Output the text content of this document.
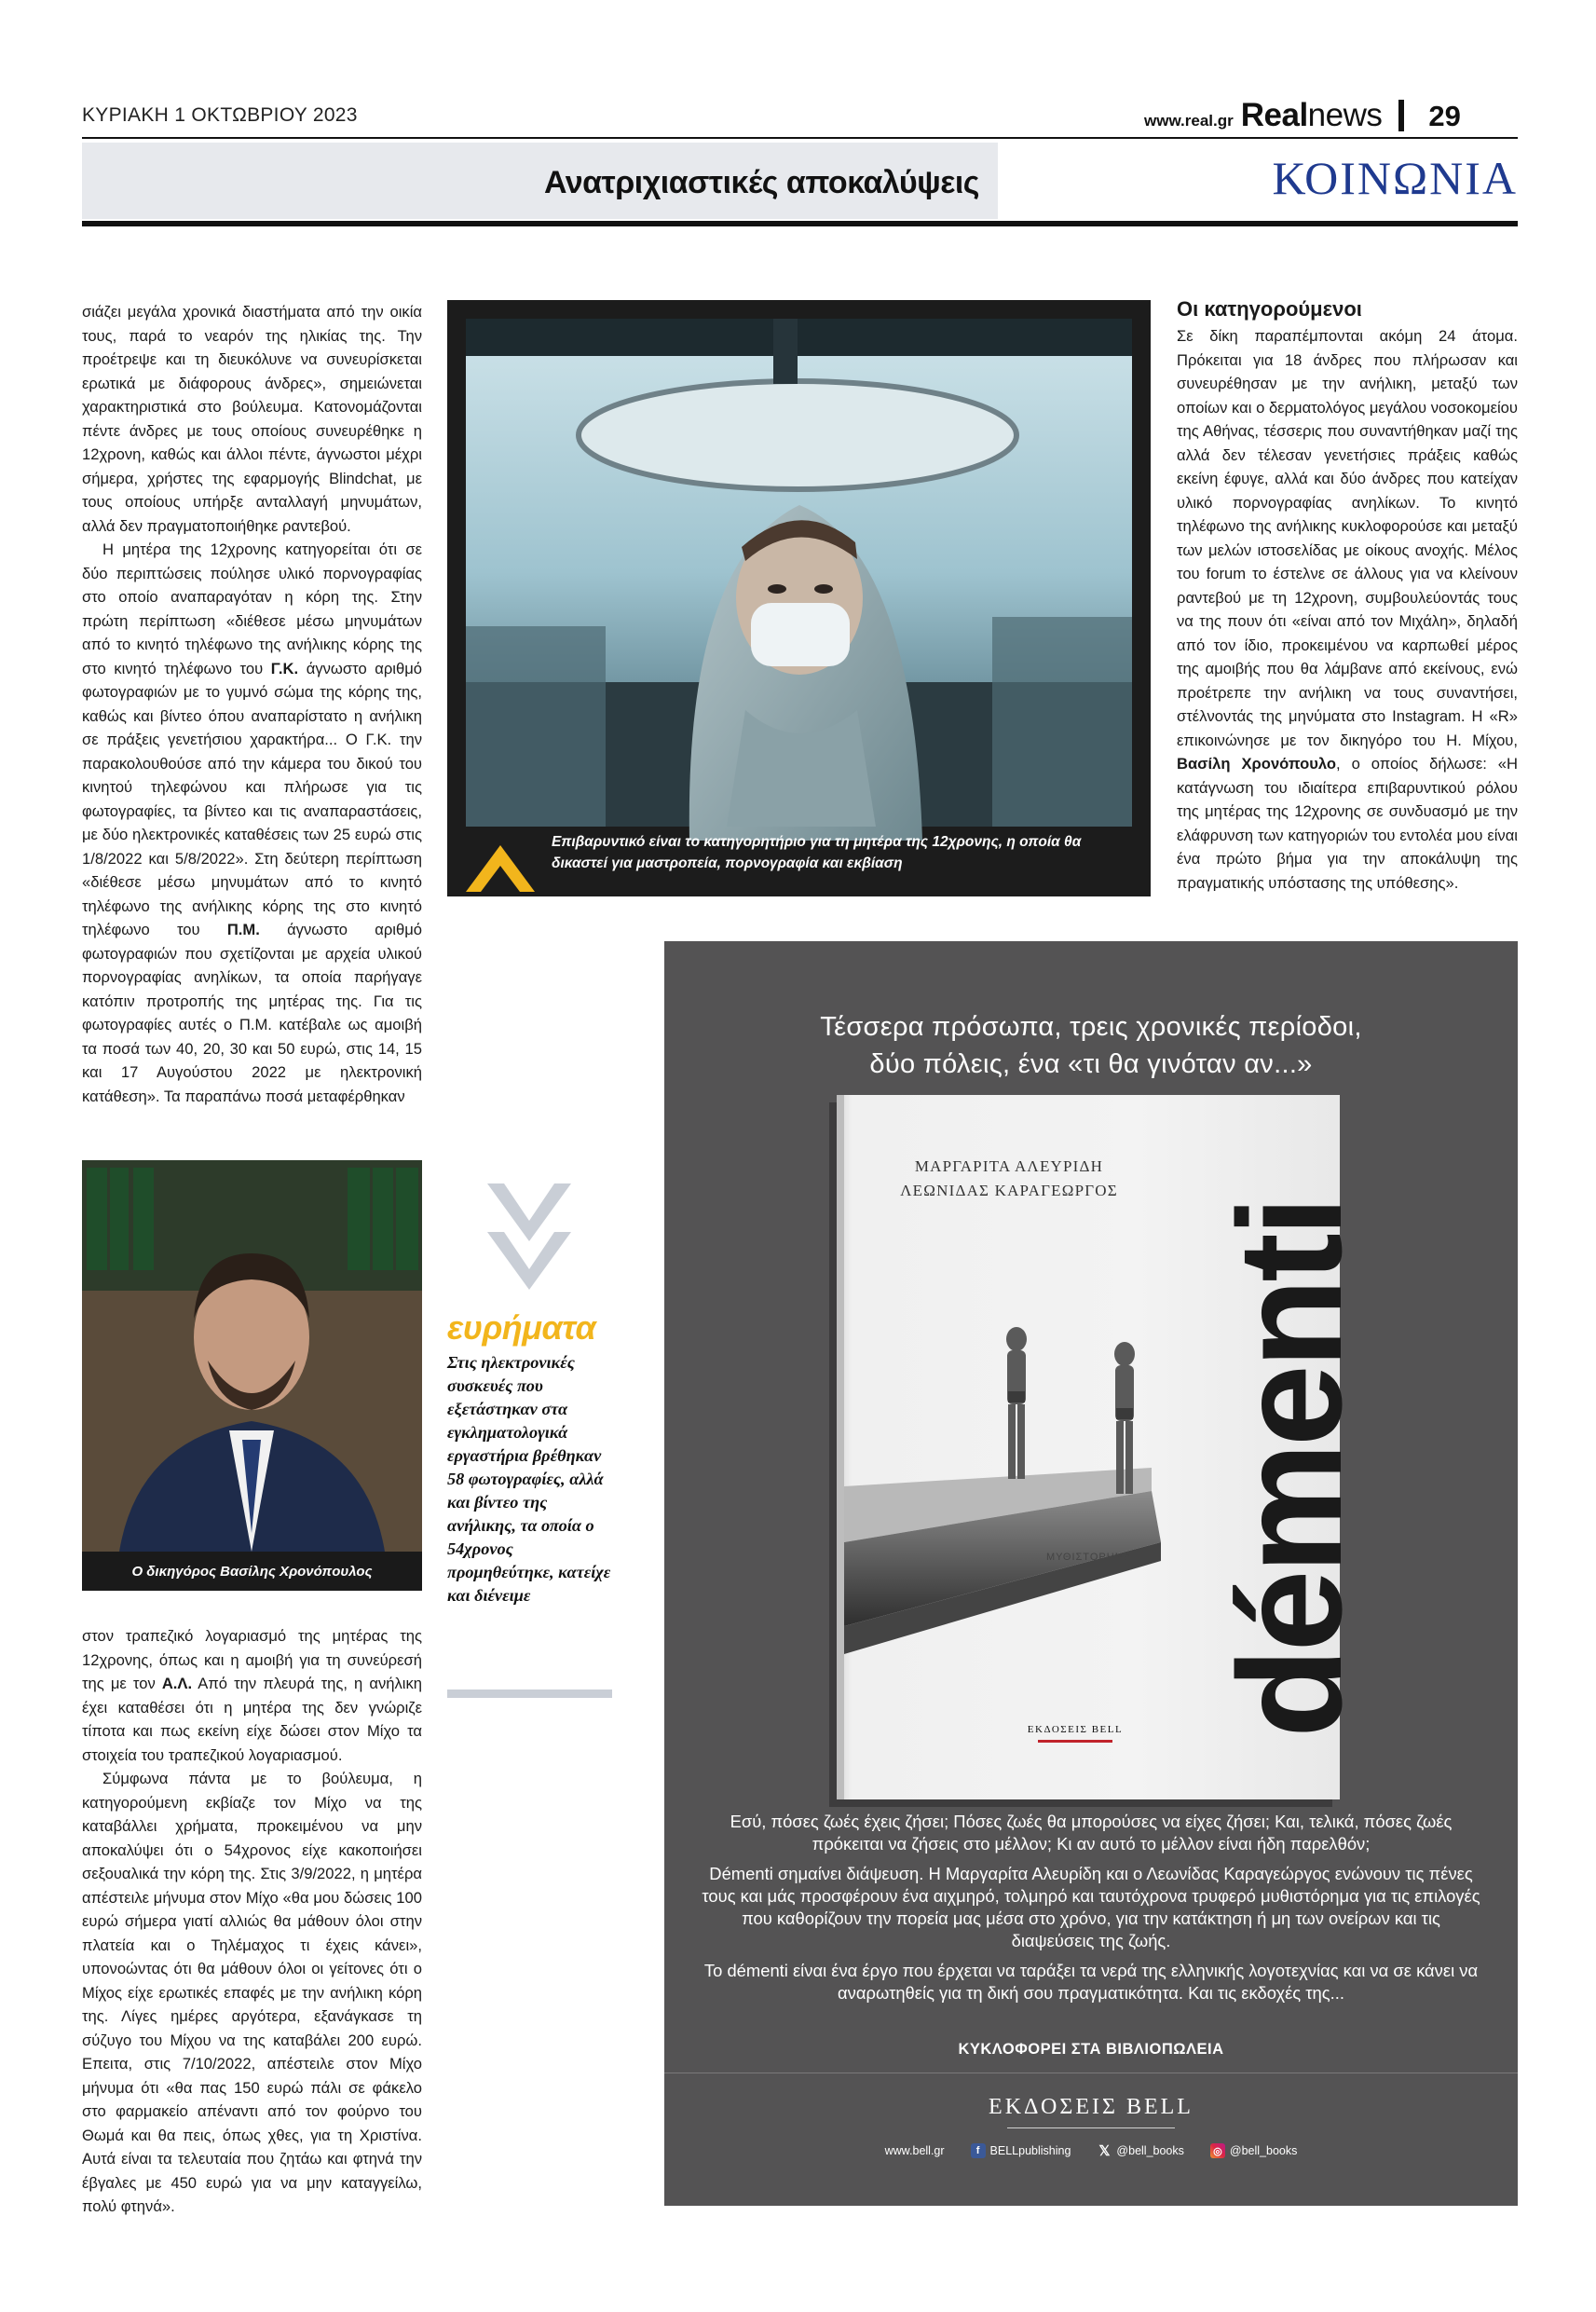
ΚΥΡΙΑΚΗ 1 ΟΚΤΩΒΡΙΟΥ 2023	www.real.gr Realnews 29
Ανατριχιαστικές αποκαλύψεις	ΚΟΙΝΩΝΙΑ

σιάζει μεγάλα χρονικά διαστήματα από την οικία τους, παρά το νεαρόν της ηλικίας της. Την προέτρεψε και τη διευκόλυνε να συνευρίσκεται ερωτικά με διάφορους άνδρες», σημειώνεται χαρακτηριστικά στο βούλευμα. Κατονομάζονται πέντε άνδρες με τους οποίους συνευρέθηκε η 12χρονη, καθώς και άλλοι πέντε, άγνωστοι μέχρι σήμερα, χρήστες της εφαρμογής Blindchat, με τους οποίους υπήρξε ανταλλαγή μηνυμάτων, αλλά δεν πραγματοποιήθηκε ραντεβού.

Η μητέρα της 12χρονης κατηγορείται ότι σε δύο περιπτώσεις πούλησε υλικό πορνογραφίας στο οποίο αναπαραγόταν η κόρη της. Στην πρώτη περίπτωση «διέθεσε μέσω μηνυμάτων από το κινητό τηλέφωνο της ανήλικης κόρης της στο κινητό τηλέφωνο του Γ.Κ. άγνωστο αριθμό φωτογραφιών με το γυμνό σώμα της κόρης της, καθώς και βίντεο όπου αναπαρίστατο η ανήλικη σε πράξεις γενετήσιου χαρακτήρα... Ο Γ.Κ. την παρακολουθούσε από την κάμερα του δικού του κινητού τηλεφώνου και πλήρωσε για τις φωτογραφίες, τα βίντεο και τις αναπαραστάσεις, με δύο ηλεκτρονικές καταθέσεις των 25 ευρώ στις 1/8/2022 και 5/8/2022». Στη δεύτερη περίπτωση «διέθεσε μέσω μηνυμάτων από το κινητό τηλέφωνο της ανήλικης κόρης της στο κινητό τηλέφωνο του Π.Μ. άγνωστο αριθμό φωτογραφιών που σχετίζονται με αρχεία υλικού πορνογραφίας ανηλίκων, τα οποία παρήγαγε κατόπιν προτροπής της μητέρας της. Για τις φωτογραφίες αυτές ο Π.Μ. κατέβαλε ως αμοιβή τα ποσά των 40, 20, 30 και 50 ευρώ, στις 14, 15 και 17 Αυγούστου 2022 με ηλεκτρονική κατάθεση». Τα παραπάνω ποσά μεταφέρθηκαν

Επιβαρυντικό είναι το κατηγορητήριο για τη μητέρα της 12χρονης, η οποία θα δικαστεί για μαστροπεία, πορνογραφία και εκβίαση
Οι κατηγορούμενοι

Σε δίκη παραπέμπονται ακόμη 24 άτομα. Πρόκειται για 18 άνδρες που πλήρωσαν και συνευρέθησαν με την ανήλικη, μεταξύ των οποίων και ο δερματολόγος μεγάλου νοσοκομείου της Αθήνας, τέσσερις που συναντήθηκαν μαζί της αλλά δεν τέλεσαν γενετήσιες πράξεις καθώς εκείνη έφυγε, αλλά και δύο άνδρες που κατείχαν υλικό πορνογραφίας ανηλίκων. Το κινητό τηλέφωνο της ανήλικης κυκλοφορούσε και μεταξύ των μελών ιστοσελίδας με οίκους ανοχής. Μέλος του forum το έστελνε σε άλλους για να κλείνουν ραντεβού με τη 12χρονη, συμβουλεύοντάς τους να της πουν ότι «είναι από τον Μιχάλη», δηλαδή από τον ίδιο, προκειμένου να καρπωθεί μέρος της αμοιβής που θα λάμβανε από εκείνους, ενώ προέτρεπε την ανήλικη να τους συναντήσει, στέλνοντάς της μηνύματα στο Instagram. Η «R» επικοινώνησε με τον δικηγόρο του Η. Μίχου, Βασίλη Χρονόπουλο, ο οποίος δήλωσε: «Η κατάγνωση του ιδιαίτερα επιβαρυντικού ρόλου της μητέρας της 12χρονης σε συνδυασμό με την ελάφρυνση των κατηγοριών του εντολέα μου είναι ένα πρώτο βήμα για την αποκάλυψη της πραγματικής υπόστασης της υπόθεσης».

Ο δικηγόρος Βασίλης Χρονόπουλος
ευρήματα
Στις ηλεκτρονικές συσκευές που εξετάστηκαν στα εγκληματολογικά εργαστήρια βρέθηκαν 58 φωτογραφίες, αλλά και βίντεο της ανήλικης, τα οποία ο 54χρονος προμηθεύτηκε, κατείχε και διένειμε

στον τραπεζικό λογαριασμό της μητέρας της 12χρονης, όπως και η αμοιβή για τη συνεύρεσή της με τον Α.Λ. Από την πλευρά της, η ανήλικη έχει καταθέσει ότι η μητέρα της δεν γνώριζε τίποτα και πως εκείνη είχε δώσει στον Μίχο τα στοιχεία του τραπεζικού λογαριασμού.

Σύμφωνα πάντα με το βούλευμα, η κατηγορούμενη εκβίαζε τον Μίχο να της καταβάλλει χρήματα, προκειμένου να μην αποκαλύψει ότι ο 54χρονος είχε κακοποιήσει σεξουαλικά την κόρη της. Στις 3/9/2022, η μητέρα απέστειλε μήνυμα στον Μίχο «θα μου δώσεις 100 ευρώ σήμερα γιατί αλλιώς θα μάθουν όλοι στην πλατεία και ο Τηλέμαχος τι έχεις κάνει», υπονοώντας ότι θα μάθουν όλοι οι γείτονες ότι ο Μίχος είχε ερωτικές επαφές με την ανήλικη κόρη της. Λίγες ημέρες αργότερα, εξανάγκασε τη σύζυγο του Μίχου να της καταβάλει 200 ευρώ. Επειτα, στις 7/10/2022, απέστειλε στον Μίχο μήνυμα ότι «θα πας 150 ευρώ πάλι σε φάκελο στο φαρμακείο απέναντι από τον φούρνο του Θωμά και θα πεις, όπως χθες, για τη Χριστίνα. Αυτά είναι τα τελευταία που ζητάω και φτηνά την έβγαλες με 450 ευρώ για να μην καταγγείλω, πολύ φτηνά».

Τέσσερα πρόσωπα, τρεις χρονικές περίοδοι,
δύο πόλεις, ένα «τι θα γινόταν αν...»
ΜΑΡΓΑΡΙΤΑ ΑΛΕΥΡΙΔΗ
ΛΕΩΝΙΔΑΣ ΚΑΡΑΓΕΩΡΓΟΣ
ΜΥΘΙΣΤΟΡΗΜΑ
ΕΚΔΟΣΕΙΣ BELL démenti

Εσύ, πόσες ζωές έχεις ζήσει; Πόσες ζωές θα μπορούσες να είχες ζήσει; Και, τελικά, πόσες ζωές πρόκειται να ζήσεις στο μέλλον; Κι αν αυτό το μέλλον είναι ήδη παρελθόν;

Démenti σημαίνει διάψευση. Η Μαργαρίτα Αλευρίδη και ο Λεωνίδας Καραγεώργος ενώνουν τις πένες τους και μάς προσφέρουν ένα αιχμηρό, τολμηρό και ταυτόχρονα τρυφερό μυθιστόρημα για τις επιλογές που καθορίζουν την πορεία μας μέσα στο χρόνο, για την κατάκτηση ή μη των ονείρων και τις διαψεύσεις της ζωής.

Το démenti είναι ένα έργο που έρχεται να ταράξει τα νερά της ελληνικής λογοτεχνίας και να σε κάνει να αναρωτηθείς για τη δική σου πραγματικότητα. Και τις εκδοχές της...

ΚΥΚΛΟΦΟΡΕΙ ΣΤΑ ΒΙΒΛΙΟΠΩΛΕΙΑ
ΕΚΔΟΣΕΙΣ BELL
www.bell.gr	f BELLpublishing 𝕏 @bell_books	◎ @bell_books
